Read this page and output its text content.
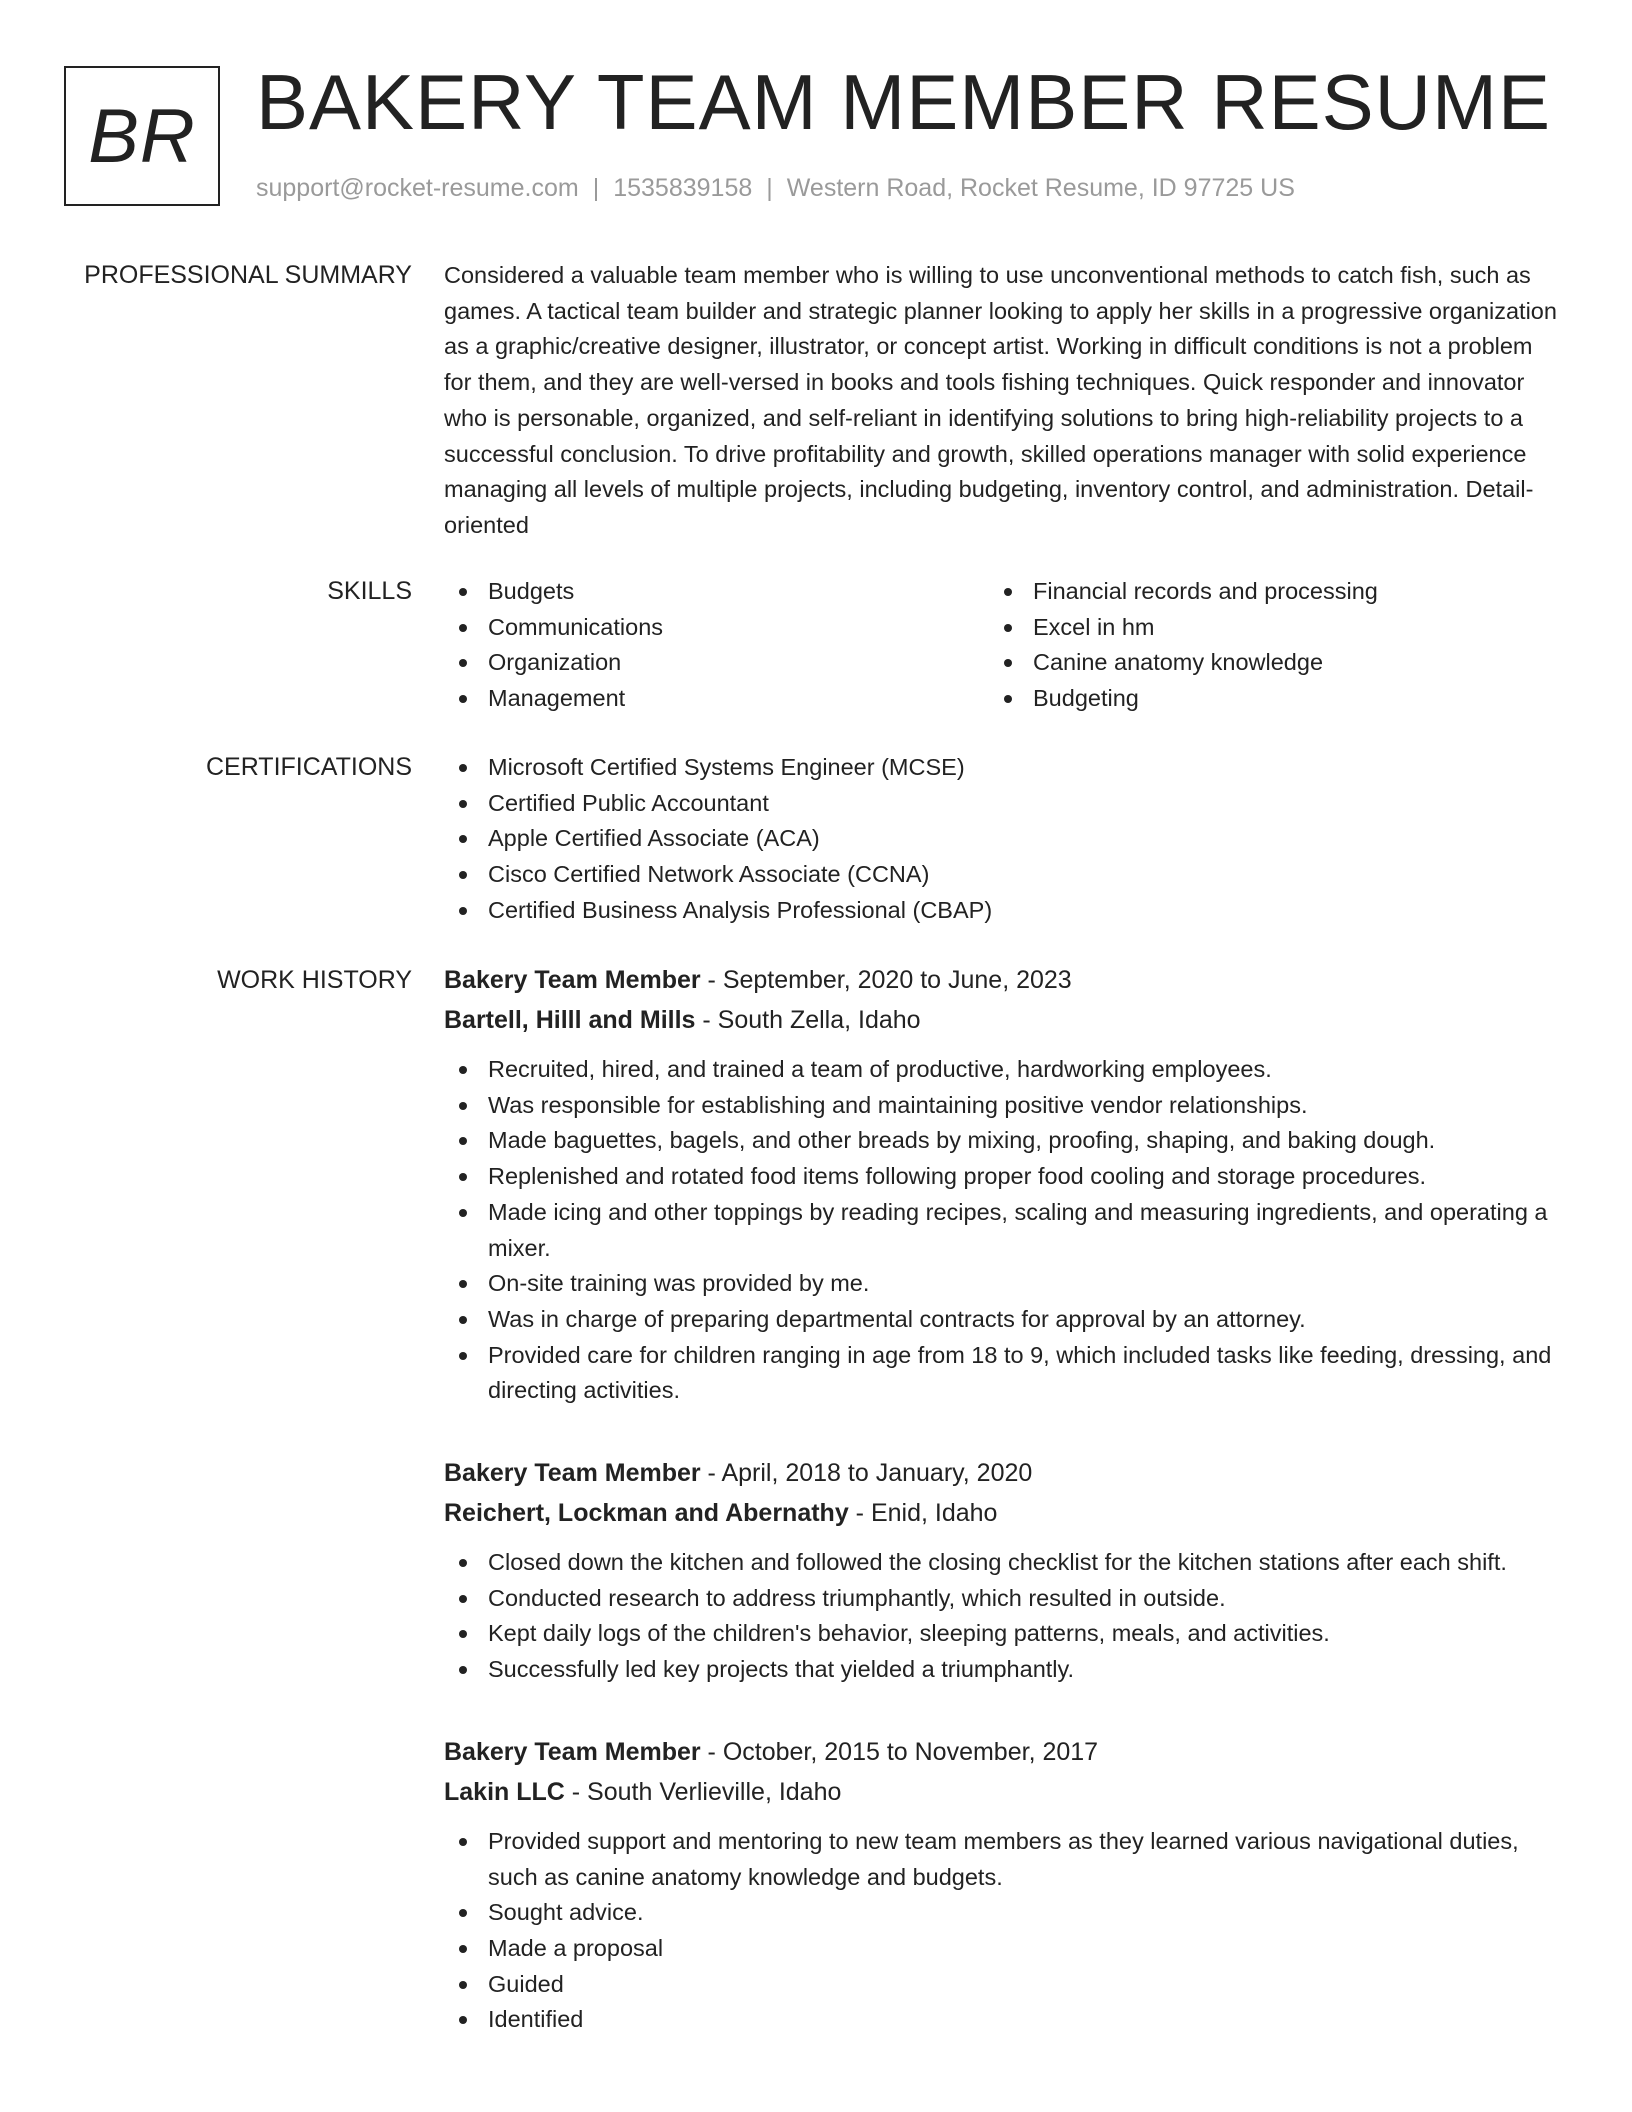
BR BAKERY TEAM MEMBER RESUME
support@rocket-resume.com | 1535839158 | Western Road, Rocket Resume, ID 97725 US
PROFESSIONAL SUMMARY Considered a valuable team member who is willing to use unconventional methods to catch fish, such as games. A tactical team builder and strategic planner looking to apply her skills in a progressive organization as a graphic/creative designer, illustrator, or concept artist. Working in difficult conditions is not a problem for them, and they are well-versed in books and tools fishing techniques. Quick responder and innovator who is personable, organized, and self-reliant in identifying solutions to bring high-reliability projects to a successful conclusion. To drive profitability and growth, skilled operations manager with solid experience managing all levels of multiple projects, including budgeting, inventory control, and administration. Detail-oriented

SKILLS	Budgets
Communications
Organization
Management
Financial records and processing
Excel in hm
Canine anatomy knowledge
Budgeting
CERTIFICATIONS	Microsoft Certified Systems Engineer (MCSE)
Certified Public Accountant
Apple Certified Associate (ACA)
Cisco Certified Network Associate (CCNA)
Certified Business Analysis Professional (CBAP)
WORK HISTORY Bakery Team Member - September, 2020 to June, 2023
Bartell, Hilll and Mills - South Zella, Idaho
Recruited, hired, and trained a team of productive, hardworking employees.
Was responsible for establishing and maintaining positive vendor relationships.
Made baguettes, bagels, and other breads by mixing, proofing, shaping, and baking dough.
Replenished and rotated food items following proper food cooling and storage procedures.
Made icing and other toppings by reading recipes, scaling and measuring ingredients, and operating a mixer.
On-site training was provided by me.
Was in charge of preparing departmental contracts for approval by an attorney.
Provided care for children ranging in age from 18 to 9, which included tasks like feeding, dressing, and directing activities.
Bakery Team Member - April, 2018 to January, 2020
Reichert, Lockman and Abernathy - Enid, Idaho
Closed down the kitchen and followed the closing checklist for the kitchen stations after each shift.
Conducted research to address triumphantly, which resulted in outside.
Kept daily logs of the children's behavior, sleeping patterns, meals, and activities.
Successfully led key projects that yielded a triumphantly.
Bakery Team Member - October, 2015 to November, 2017
Lakin LLC - South Verlieville, Idaho
Provided support and mentoring to new team members as they learned various navigational duties, such as canine anatomy knowledge and budgets.
Sought advice.
Made a proposal
Guided
Identified
